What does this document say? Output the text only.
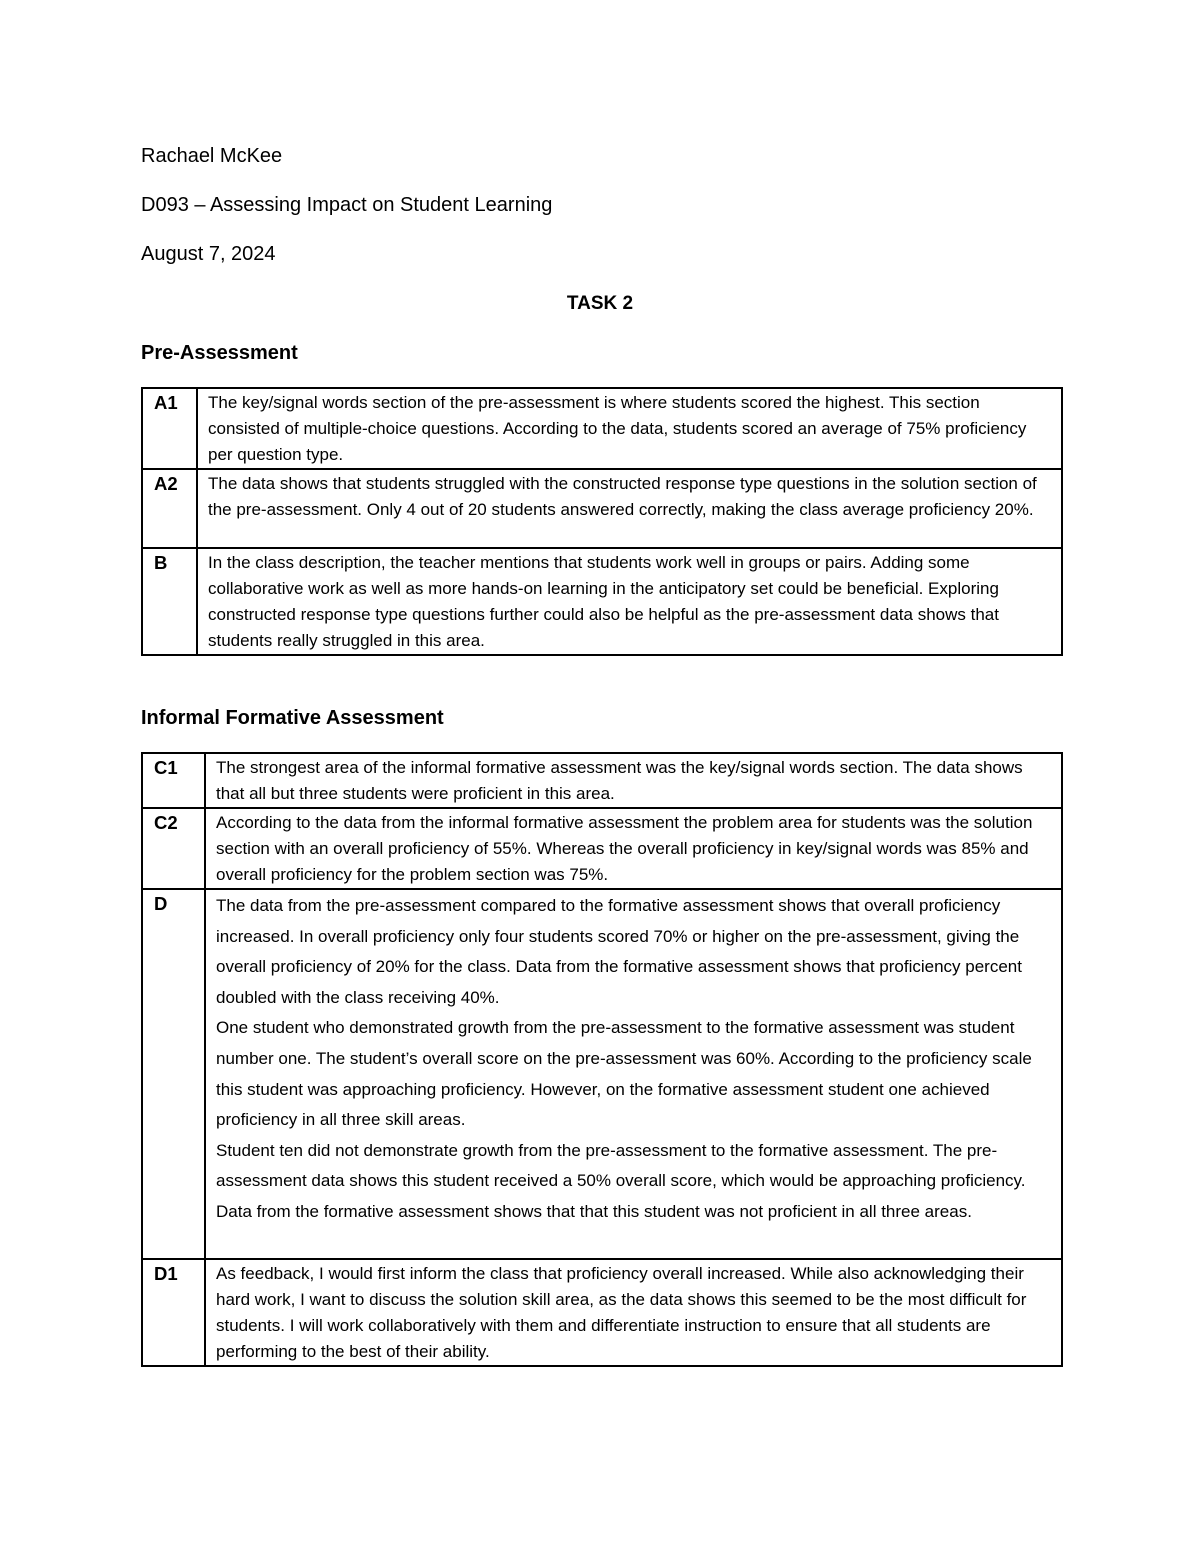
Rachael McKee
D093 – Assessing Impact on Student Learning
August 7, 2024
TASK 2
Pre-Assessment
A1	The key/signal words section of the pre-assessment is where students scored the highest. This section consisted of multiple-choice questions. According to the data, students scored an average of 75% proficiency per question type.
A2	The data shows that students struggled with the constructed response type questions in the solution section of the pre-assessment. Only 4 out of 20 students answered correctly, making the class average proficiency 20%.
B	In the class description, the teacher mentions that students work well in groups or pairs. Adding some collaborative work as well as more hands-on learning in the anticipatory set could be beneficial. Exploring constructed response type questions further could also be helpful as the pre-assessment data shows that students really struggled in this area.
Informal Formative Assessment
C1	The strongest area of the informal formative assessment was the key/signal words section. The data shows that all but three students were proficient in this area.
C2	According to the data from the informal formative assessment the problem area for students was the solution section with an overall proficiency of 55%. Whereas the overall proficiency in key/signal words was 85% and overall proficiency for the problem section was 75%.
D	The data from the pre-assessment compared to the formative assessment shows that overall proficiency increased. In overall proficiency only four students scored 70% or higher on the pre-assessment, giving the overall proficiency of 20% for the class. Data from the formative assessment shows that proficiency percent doubled with the class receiving 40%.
One student who demonstrated growth from the pre-assessment to the formative assessment was student number one. The student’s overall score on the pre-assessment was 60%. According to the proficiency scale this student was approaching proficiency. However, on the formative assessment student one achieved proficiency in all three skill areas.
Student ten did not demonstrate growth from the pre-assessment to the formative assessment. The pre-assessment data shows this student received a 50% overall score, which would be approaching proficiency. Data from the formative assessment shows that that this student was not proficient in all three areas.

D1	As feedback, I would first inform the class that proficiency overall increased. While also acknowledging their hard work, I want to discuss the solution skill area, as the data shows this seemed to be the most difficult for students. I will work collaboratively with them and differentiate instruction to ensure that all students are performing to the best of their ability.
